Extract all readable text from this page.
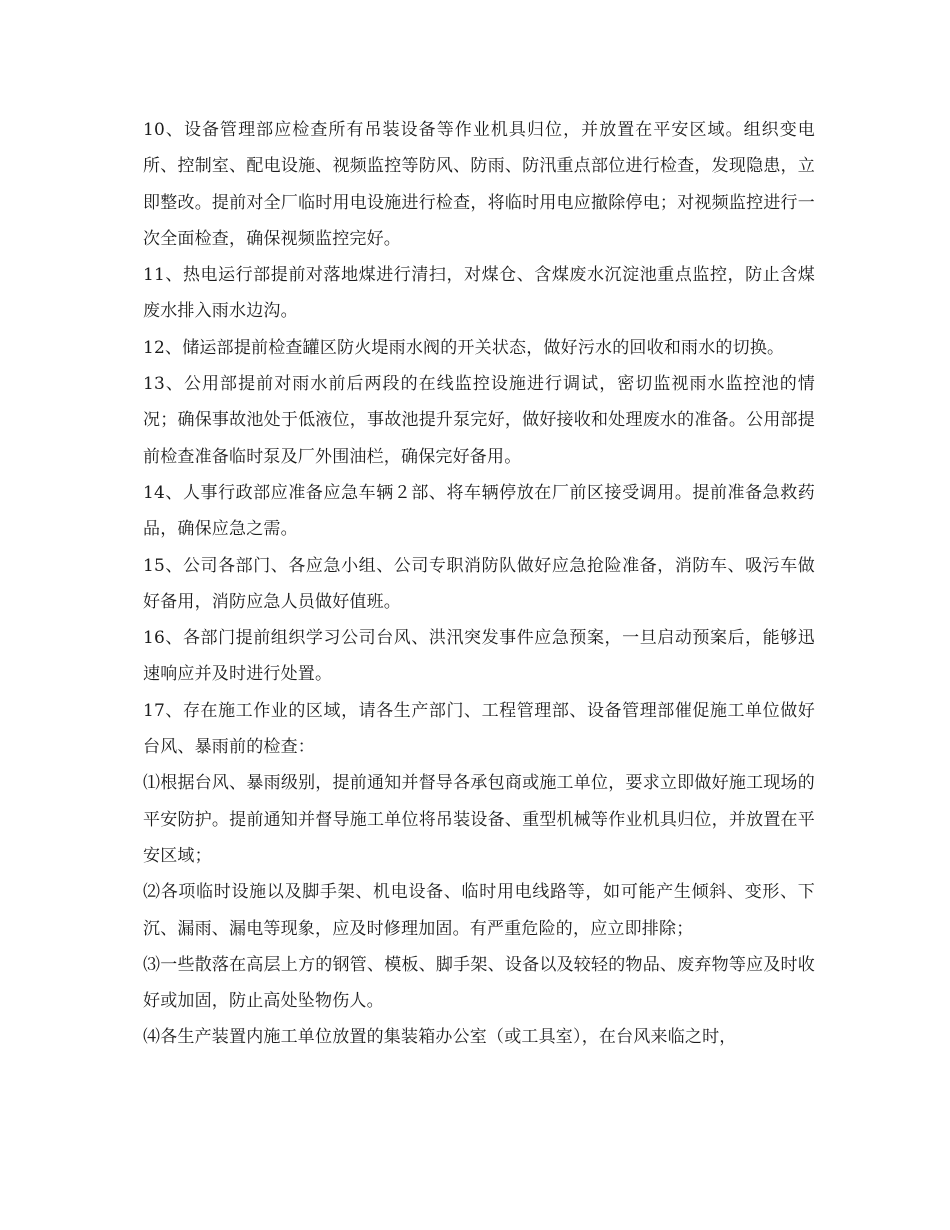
10、设备管理部应检查所有吊装设备等作业机具归位，并放置在平安区域。组织变电所、控制室、配电设施、视频监控等防风、防雨、防汛重点部位进行检查，发现隐患，立即整改。提前对全厂临时用电设施进行检查，将临时用电应撤除停电；对视频监控进行一次全面检查，确保视频监控完好。

11、热电运行部提前对落地煤进行清扫，对煤仓、含煤废水沉淀池重点监控，防止含煤废水排入雨水边沟。

12、储运部提前检查罐区防火堤雨水阀的开关状态，做好污水的回收和雨水的切换。

13、公用部提前对雨水前后两段的在线监控设施进行调试，密切监视雨水监控池的情况；确保事故池处于低液位，事故池提升泵完好，做好接收和处理废水的准备。公用部提前检查准备临时泵及厂外围油栏，确保完好备用。

14、人事行政部应准备应急车辆２部、将车辆停放在厂前区接受调用。提前准备急救药品，确保应急之需。

15、公司各部门、各应急小组、公司专职消防队做好应急抢险准备，消防车、吸污车做好备用，消防应急人员做好值班。

16、各部门提前组织学习公司台风、洪汛突发事件应急预案，一旦启动预案后，能够迅速响应并及时进行处置。

17、存在施工作业的区域，请各生产部门、工程管理部、设备管理部催促施工单位做好台风、暴雨前的检查：

⑴根据台风、暴雨级别，提前通知并督导各承包商或施工单位，要求立即做好施工现场的平安防护。提前通知并督导施工单位将吊装设备、重型机械等作业机具归位，并放置在平安区域；

⑵各项临时设施以及脚手架、机电设备、临时用电线路等，如可能产生倾斜、变形、下沉、漏雨、漏电等现象，应及时修理加固。有严重危险的，应立即排除；

⑶一些散落在高层上方的钢管、模板、脚手架、设备以及较轻的物品、废弃物等应及时收好或加固，防止高处坠物伤人。

⑷各生产装置内施工单位放置的集装箱办公室（或工具室），在台风来临之时，
